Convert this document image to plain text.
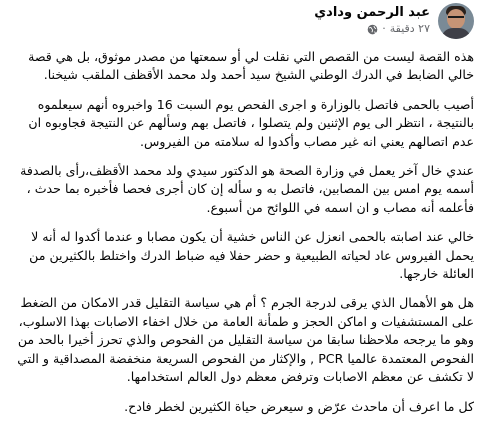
عبد الرحمن ودادي
٢٧ دقيقة
·

هذه القصة ليست من القصص التي نقلت لي أو سمعتها من مصدر موثوق، بل هي قصة خالي الضابط في الدرك الوطني الشيخ سيد أحمد ولد محمد الأقظف الملقب شيخنا.

أصيب بالحمى فاتصل بالوزارة و اجرى الفحص يوم السبت 16 واخبروه أنهم سيعلموه بالنتيجة ، انتظر الى يوم الإثنين ولم يتصلوا ، فاتصل بهم وسألهم عن النتيجة فجاوبوه ان عدم اتصالهم يعني انه غير مصاب وأكدوا له سلامته من الفيروس.

عندي خال آخر يعمل في وزارة الصحة هو الدكتور سيدي ولد محمد الأقظف،رأى بالصدفة أسمه يوم امس بين المصابين، فاتصل به و سأله إن كان أجرى فحصا فأخبره بما حدث ، فأعلمه أنه مصاب و ان اسمه في اللوائح من أسبوع.

خالي عند اصابته بالحمى انعزل عن الناس خشية أن يكون مصابا و عندما أكدوا له أنه لا يحمل الفيروس عاد لحياته الطبيعية و حضر حفلا فيه ضباط الدرك واختلط بالكثيرين من العائلة خارجها.

هل هو الأهمال الذي يرقى لدرجة الجرم ؟ أم هي سياسة التقليل قدر الامكان من الضغط على المستشفيات و اماكن الحجز و طمأنة العامة من خلال اخفاء الاصابات بهذا الاسلوب، وهو ما يرجحه ملاحظنا سابقا من سياسة التقليل من الفحوص والذي تحرز أخيرا بالحد من الفحوص المعتمدة عالميا PCR , والإكثار من الفحوص السريعة منخفضة المصداقية و التي لا تكشف عن معظم الاصابات وترفض معظم دول العالم استخدامها.

كل ما اعرف أن ماحدث عرّض و سيعرض حياة الكثيرين لخطر فادح.
